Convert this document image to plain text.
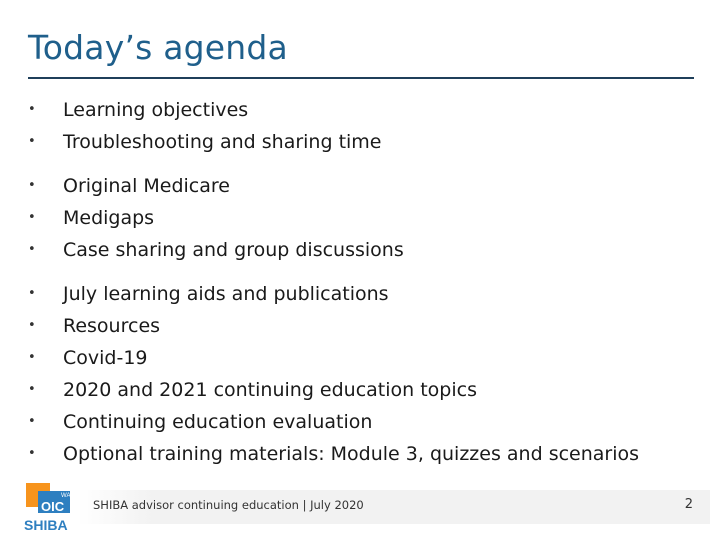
Today’s agenda
•	Learning objectives
•	Troubleshooting and sharing time
•	Original Medicare
•	Medigaps
•	Case sharing and group discussions
•	July learning aids and publications
•	Resources
•	Covid-19
•	2020 and 2021 continuing education topics
•	Continuing education evaluation
•	Optional training materials: Module 3, quizzes and scenarios
WA
OIC
SHIBA
SHIBA advisor continuing education | July 2020	2
